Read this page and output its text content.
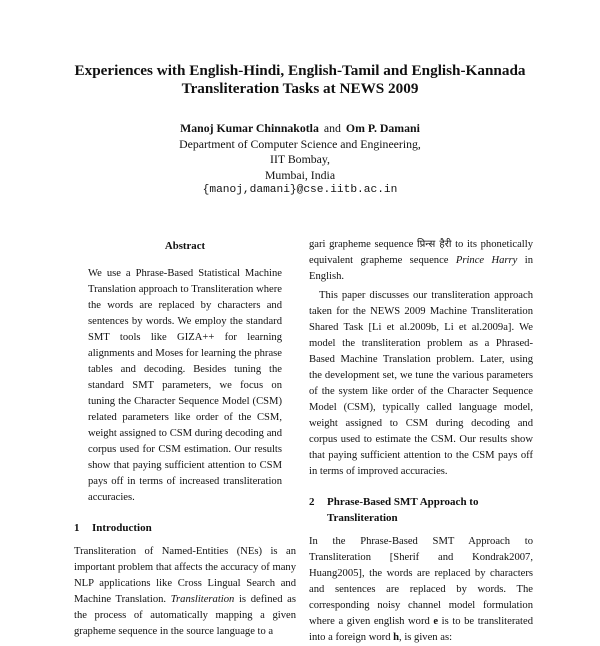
Experiences with English-Hindi, English-Tamil and English-Kannada
Transliteration Tasks at NEWS 2009
Manoj Kumar Chinnakotla and Om P. Damani
Department of Computer Science and Engineering,
IIT Bombay,
Mumbai, India
{manoj,damani}@cse.iitb.ac.in
Abstract

We use a Phrase-Based Statistical Machine Translation approach to Transliteration where the words are replaced by characters and sentences by words. We employ the standard SMT tools like GIZA++ for learning alignments and Moses for learning the phrase tables and decoding. Besides tuning the standard SMT parameters, we focus on tuning the Character Sequence Model (CSM) related parameters like order of the CSM, weight assigned to CSM during decoding and corpus used for CSM estimation. Our results show that paying sufficient attention to CSM pays off in terms of increased transliteration accuracies.

1	Introduction

Transliteration of Named-Entities (NEs) is an important problem that affects the accuracy of many NLP applications like Cross Lingual Search and Machine Translation. Transliteration is defined as the process of automatically mapping a given grapheme sequence in the source language to a

gari grapheme sequence प्रिन्स हैरी to its phonetically equivalent grapheme sequence Prince Harry in English.

This paper discusses our transliteration approach taken for the NEWS 2009 Machine Transliteration Shared Task [Li et al.2009b, Li et al.2009a]. We model the transliteration problem as a Phrased-Based Machine Translation problem. Later, using the development set, we tune the various parameters of the system like order of the Character Sequence Model (CSM), typically called language model, weight assigned to CSM during decoding and corpus used to estimate the CSM. Our results show that paying sufficient attention to the CSM pays off in terms of improved accuracies.

2	Phrase-Based SMT Approach to Transliteration

In the Phrase-Based SMT Approach to Transliteration [Sherif and Kondrak2007, Huang2005], the words are replaced by characters and sentences are replaced by words. The corresponding noisy channel model formulation where a given english word e is to be transliterated into a foreign word h, is given as:
